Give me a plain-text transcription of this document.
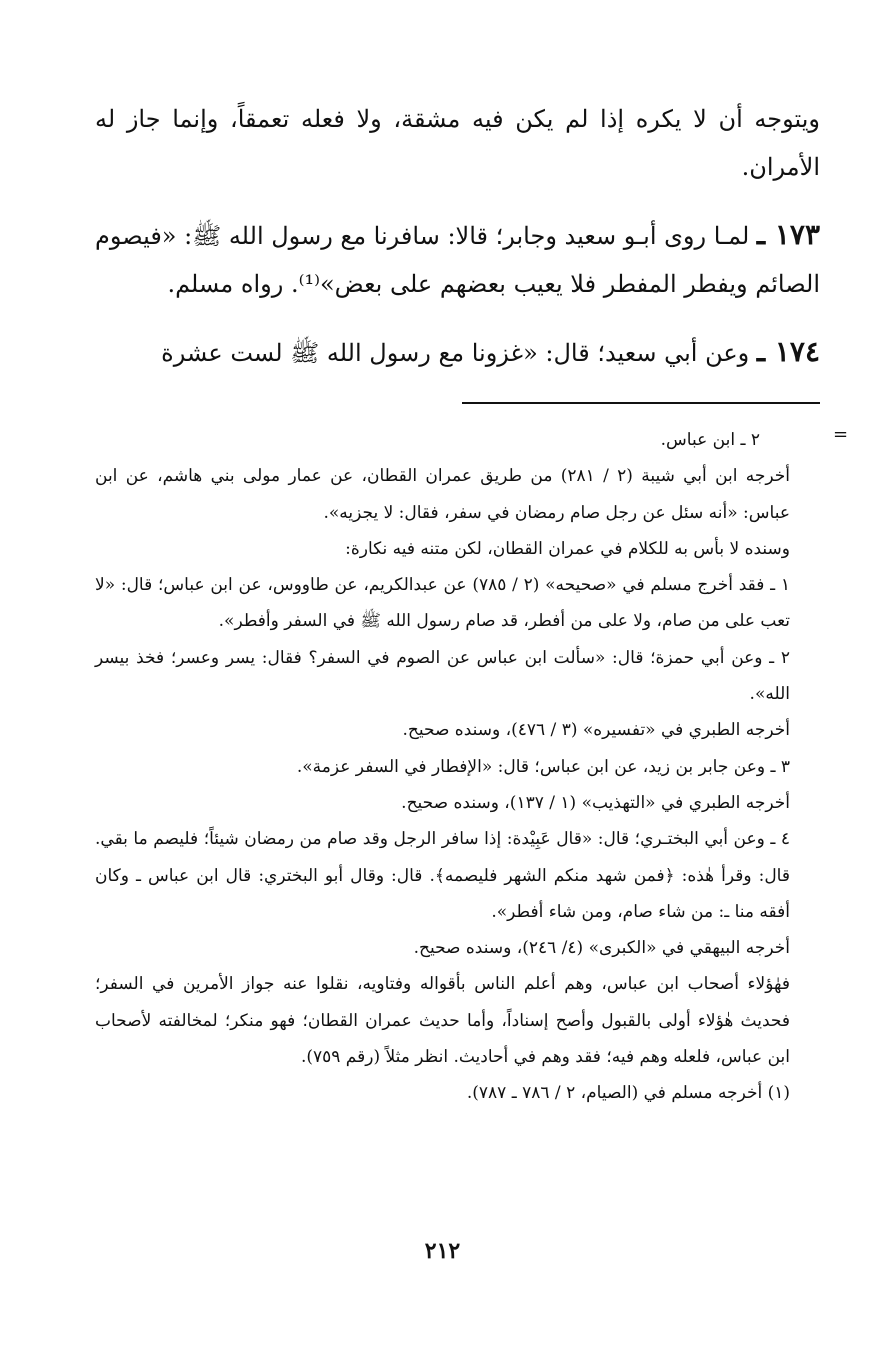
ويتوجه أن لا يكره إذا لم يكن فيه مشقة، ولا فعله تعمقاً، وإنما جاز له الأمران.

١٧٣ ـ لمـا روى أبـو سعيد وجابر؛ قالا: سافرنا مع رسول الله ﷺ: «فيصوم الصائم ويفطر المفطر فلا يعيب بعضهم على بعض»⁽¹⁾. رواه مسلم.

١٧٤ ـ وعن أبي سعيد؛ قال: «غزونا مع رسول الله ﷺ لست عشرة

=

٢ ـ ابن عباس.

أخرجه ابن أبي شيبة (٢ / ٢٨١) من طريق عمران القطان، عن عمار مولى بني هاشم، عن ابن عباس: «أنه سئل عن رجل صام رمضان في سفر، فقال: لا يجزيه».

وسنده لا بأس به للكلام في عمران القطان، لكن متنه فيه نكارة:

١ ـ فقد أخرج مسلم في «صحيحه» (٢ / ٧٨٥) عن عبدالكريم، عن طاووس، عن ابن عباس؛ قال: «لا تعب على من صام، ولا على من أفطر، قد صام رسول الله ﷺ في السفر وأفطر».

٢ ـ وعن أبي حمزة؛ قال: «سألت ابن عباس عن الصوم في السفر؟ فقال: يسر وعسر؛ فخذ بيسر الله».

أخرجه الطبري في «تفسيره» (٣ / ٤٧٦)، وسنده صحيح.

٣ ـ وعن جابر بن زيد، عن ابن عباس؛ قال: «الإفطار في السفر عزمة».

أخرجه الطبري في «التهذيب» (١ / ١٣٧)، وسنده صحيح.

٤ ـ وعن أبي البختـري؛ قال: «قال عَبِيْدة: إذا سافر الرجل وقد صام من رمضان شيئاً؛ فليصم ما بقي. قال: وقرأ هٰذه: ﴿فمن شهد منكم الشهر فليصمه﴾. قال: وقال أبو البختري: قال ابن عباس ـ وكان أفقه منا ـ: من شاء صام، ومن شاء أفطر».

أخرجه البيهقي في «الكبرى» (٤/ ٢٤٦)، وسنده صحيح.

فهٰؤلاء أصحاب ابن عباس، وهم أعلم الناس بأقواله وفتاويه، نقلوا عنه جواز الأمرين في السفر؛ فحديث هٰؤلاء أولى بالقبول وأصح إسناداً، وأما حديث عمران القطان؛ فهو منكر؛ لمخالفته لأصحاب ابن عباس، فلعله وهم فيه؛ فقد وهم في أحاديث. انظر مثلاً (رقم ٧٥٩).

(١) أخرجه مسلم في (الصيام، ٢ / ٧٨٦ ـ ٧٨٧).

٢١٢
